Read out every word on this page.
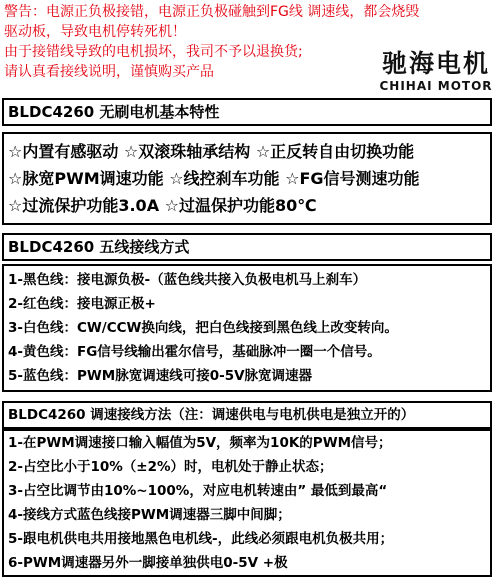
警告：电源正负极接错，电源正负极碰触到FG线 调速线，都会烧毁
驱动板，导致电机停转死机！
由于接错线导致的电机损坏，我司不予以退换货;
请认真看接线说明，谨慎购买产品	驰海电机
CHIHAI MOTOR
BLDC4260 无刷电机基本特性
☆内置有感驱动 ☆双滚珠轴承结构 ☆正反转自由切换功能
☆脉宽PWM调速功能 ☆线控刹车功能 ☆FG信号测速功能
☆过流保护功能3.0A ☆过温保护功能80℃
BLDC4260 五线接线方式
1-黑色线：接电源负极-（蓝色线共接入负极电机马上刹车）
2-红色线：接电源正极+
3-白色线：CW/CCW换向线，把白色线接到黑色线上改变转向。
4-黄色线：FG信号线输出霍尔信号，基础脉冲一圈一个信号。
5-蓝色线：PWM脉宽调速线可接0-5V脉宽调速器
BLDC4260 调速接线方法（注：调速供电与电机供电是独立开的）
1-在PWM调速接口输入幅值为5V，频率为10K的PWM信号；
2-占空比小于10%（±2%）时，电机处于静止状态；
3-占空比调节由10%~100%，对应电机转速由” 最低到最高“
4-接线方式蓝色线接PWM调速器三脚中间脚；
5-跟电机供电共用接地黑色电机线-，此线必须跟电机负极共用；
6-PWM调速器另外一脚接单独供电0-5V +极
